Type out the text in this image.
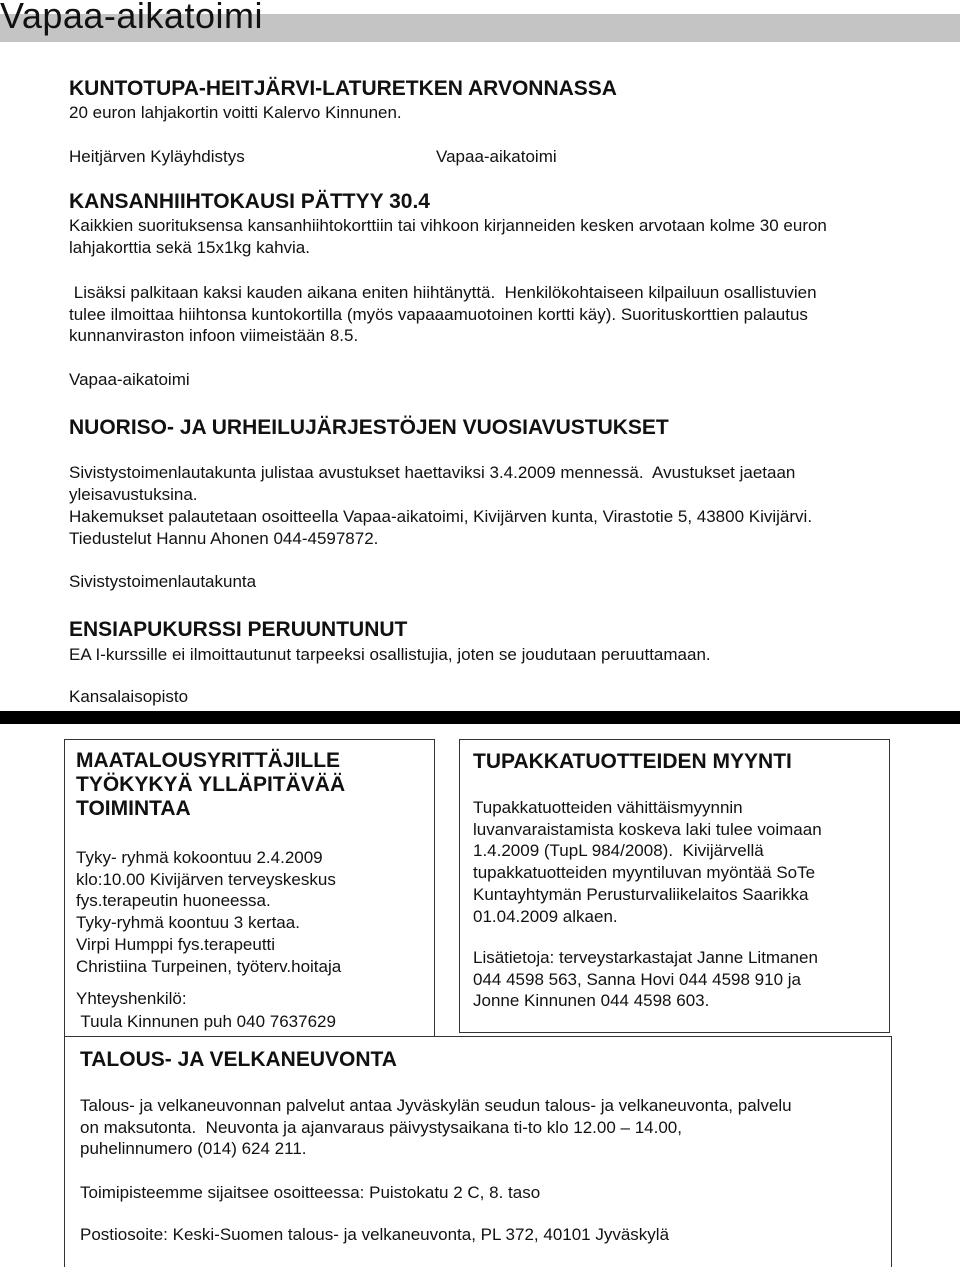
Vapaa-aikatoimi
KUNTOTUPA-HEITJÄRVI-LATURETKEN ARVONNASSA

20 euron lahjakortin voitti Kalervo Kinnunen.

Heitjärven Kyläyhdistys	Vapaa-aikatoimi

KANSANHIIHTOKAUSI PÄTTYY 30.4

Kaikkien suorituksensa kansanhiihtokorttiin tai vihkoon kirjanneiden kesken arvotaan kolme 30 euron lahjakorttia sekä 15x1kg kahvia.

Lisäksi palkitaan kaksi kauden aikana eniten hiihtänyttä.  Henkilökohtaiseen kilpailuun osallistuvien tulee ilmoittaa hiihtonsa kuntokortilla (myös vapaaamuotoinen kortti käy). Suorituskorttien palautus kunnanviraston infoon viimeistään 8.5.

Vapaa-aikatoimi

NUORISO- JA URHEILUJÄRJESTÖJEN VUOSIAVUSTUKSET

Sivistystoimenlautakunta julistaa avustukset haettaviksi 3.4.2009 mennessä.  Avustukset jaetaan yleisavustuksina.

Hakemukset palautetaan osoitteella Vapaa-aikatoimi, Kivijärven kunta, Virastotie 5, 43800 Kivijärvi.  Tiedustelut Hannu Ahonen 044-4597872.

Sivistystoimenlautakunta

ENSIAPUKURSSI PERUUNTUNUT

EA I-kurssille ei ilmoittautunut tarpeeksi osallistujia, joten se joudutaan peruuttamaan.

Kansalaisopisto

MAATALOUSYRITTÄJILLE
TYÖKYKYÄ YLLÄPITÄVÄÄ
TOIMINTAA

Tyky- ryhmä kokoontuu 2.4.2009

klo:10.00 Kivijärven terveyskeskus

fys.terapeutin huoneessa.

Tyky-ryhmä koontuu 3 kertaa.

Virpi Humppi fys.terapeutti

Christiina Turpeinen, työterv.hoitaja

Yhteyshenkilö:

Tuula Kinnunen puh 040 7637629

TUPAKKATUOTTEIDEN MYYNTI

Tupakkatuotteiden vähittäismyynnin

luvanvaraistamista koskeva laki tulee voimaan

1.4.2009 (TupL 984/2008).  Kivijärvellä

tupakkatuotteiden myyntiluvan myöntää SoTe

Kuntayhtymän Perusturvaliikelaitos Saarikka

01.04.2009 alkaen.

Lisätietoja: terveystarkastajat Janne Litmanen

044 4598 563, Sanna Hovi 044 4598 910 ja

Jonne Kinnunen 044 4598 603.

TALOUS- JA VELKANEUVONTA

Talous- ja velkaneuvonnan palvelut antaa Jyväskylän seudun talous- ja velkaneuvonta, palvelu

on maksutonta.  Neuvonta ja ajanvaraus päivystysaikana ti-to klo 12.00 – 14.00,

puhelinnumero (014) 624 211.

Toimipisteemme sijaitsee osoitteessa: Puistokatu 2 C, 8. taso

Postiosoite: Keski-Suomen talous- ja velkaneuvonta, PL 372, 40101 Jyväskylä
